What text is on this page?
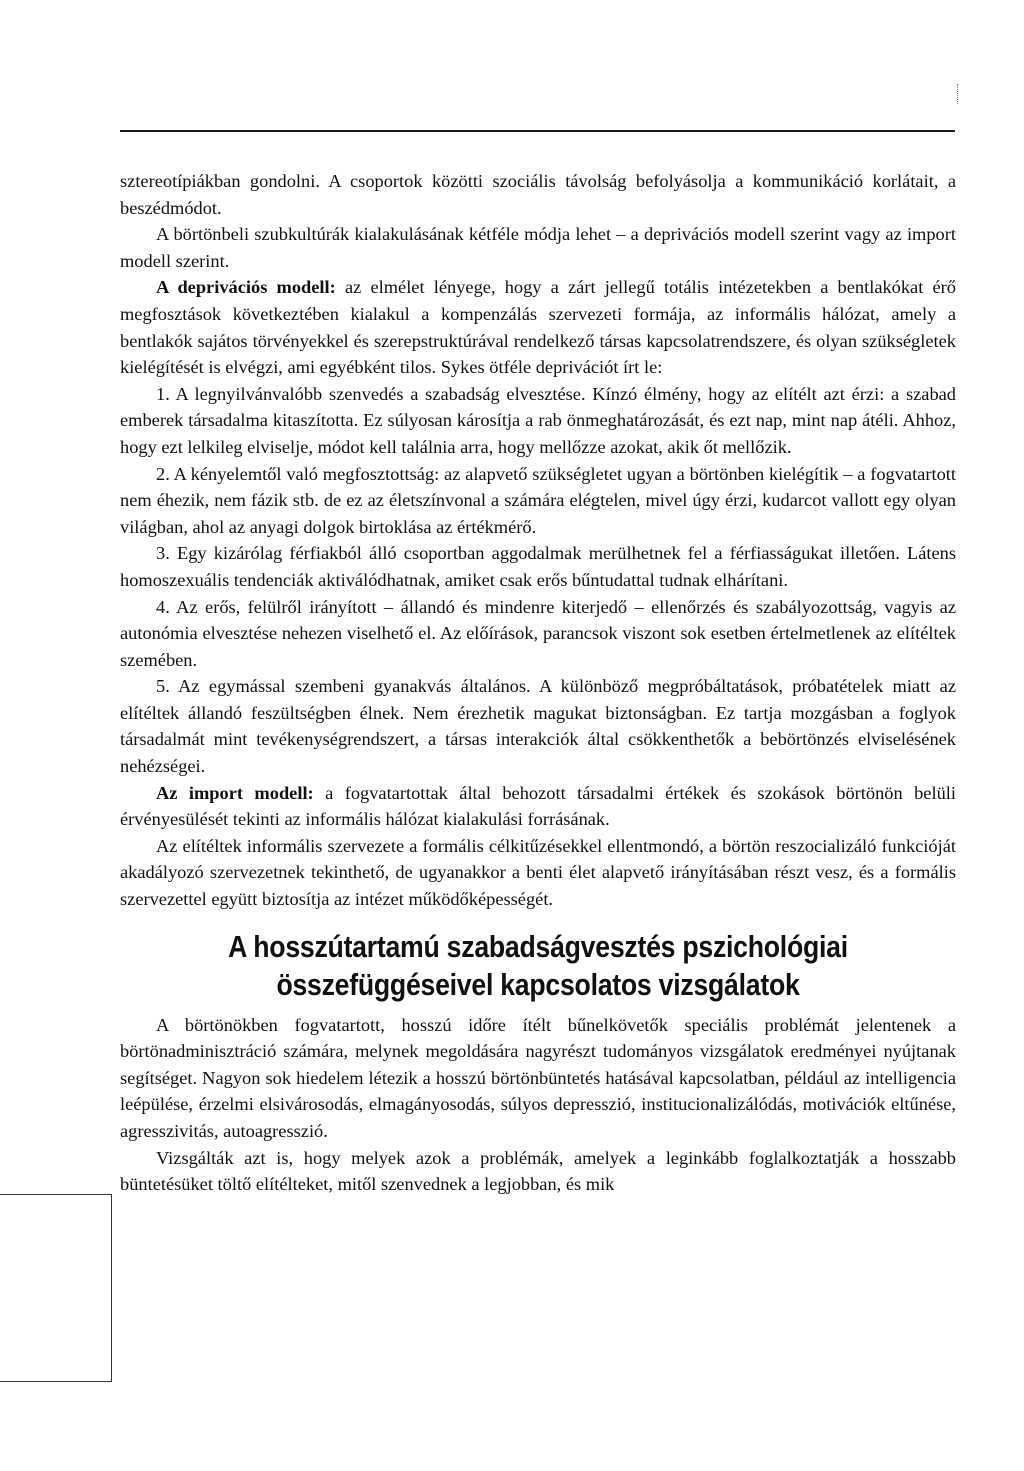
sztereotípiákban gondolni. A csoportok közötti szociális távolság befolyásolja a kommunikáció korlátait, a beszédmódot.

A börtönbeli szubkultúrák kialakulásának kétféle módja lehet – a deprivációs modell szerint vagy az import modell szerint.

A deprivációs modell: az elmélet lényege, hogy a zárt jellegű totális intézetekben a bentlakókat érő megfosztások következtében kialakul a kompenzálás szervezeti formája, az informális hálózat, amely a bentlakók sajátos törvényekkel és szerepstruktúrával rendelkező társas kapcsolatrendszere, és olyan szükségletek kielégítését is elvégzi, ami egyébként tilos. Sykes ötféle deprivációt írt le:

1. A legnyilvánvalóbb szenvedés a szabadság elvesztése. Kínzó élmény, hogy az elítélt azt érzi: a szabad emberek társadalma kitaszította. Ez súlyosan károsítja a rab önmeghatározását, és ezt nap, mint nap átéli. Ahhoz, hogy ezt lelkileg elviselje, módot kell találnia arra, hogy mellőzze azokat, akik őt mellőzik.

2. A kényelemtől való megfosztottság: az alapvető szükségletet ugyan a börtönben kielégítik – a fogvatartott nem éhezik, nem fázik stb. de ez az életszínvonal a számára elégtelen, mivel úgy érzi, kudarcot vallott egy olyan világban, ahol az anyagi dolgok birtoklása az értékmérő.

3. Egy kizárólag férfiakból álló csoportban aggodalmak merülhetnek fel a férfiasságukat illetően. Látens homoszexuális tendenciák aktiválódhatnak, amiket csak erős bűntudattal tudnak elhárítani.

4. Az erős, felülről irányított – állandó és mindenre kiterjedő – ellenőrzés és szabályozottság, vagyis az autonómia elvesztése nehezen viselhető el. Az előírások, parancsok viszont sok esetben értelmetlenek az elítéltek szemében.

5. Az egymással szembeni gyanakvás általános. A különböző megpróbáltatások, próbatételek miatt az elítéltek állandó feszültségben élnek. Nem érezhetik magukat biztonságban. Ez tartja mozgásban a foglyok társadalmát mint tevékenységrendszert, a társas interakciók által csökkenthetők a bebörtönzés elviselésének nehézségei.

Az import modell: a fogvatartottak által behozott társadalmi értékek és szokások börtönön belüli érvényesülését tekinti az informális hálózat kialakulási forrásának.

Az elítéltek informális szervezete a formális célkitűzésekkel ellentmondó, a börtön reszocializáló funkcióját akadályozó szervezetnek tekinthető, de ugyanakkor a benti élet alapvető irányításában részt vesz, és a formális szervezettel együtt biztosítja az intézet működőképességét.

A hosszútartamú szabadságvesztés pszichológiai
összefüggéseivel kapcsolatos vizsgálatok

A börtönökben fogvatartott, hosszú időre ítélt bűnelkövetők speciális problémát jelentenek a börtönadminisztráció számára, melynek megoldására nagyrészt tudományos vizsgálatok eredményei nyújtanak segítséget. Nagyon sok hiedelem létezik a hosszú börtönbüntetés hatásával kapcsolatban, például az intelligencia leépülése, érzelmi elsivárosodás, elmagányosodás, súlyos depresszió, institucionalizálódás, motivációk eltűnése, agresszivitás, autoagresszió.

Vizsgálták azt is, hogy melyek azok a problémák, amelyek a leginkább foglalkoztatják a hosszabb büntetésüket töltő elítélteket, mitől szenvednek a legjobban, és mik
